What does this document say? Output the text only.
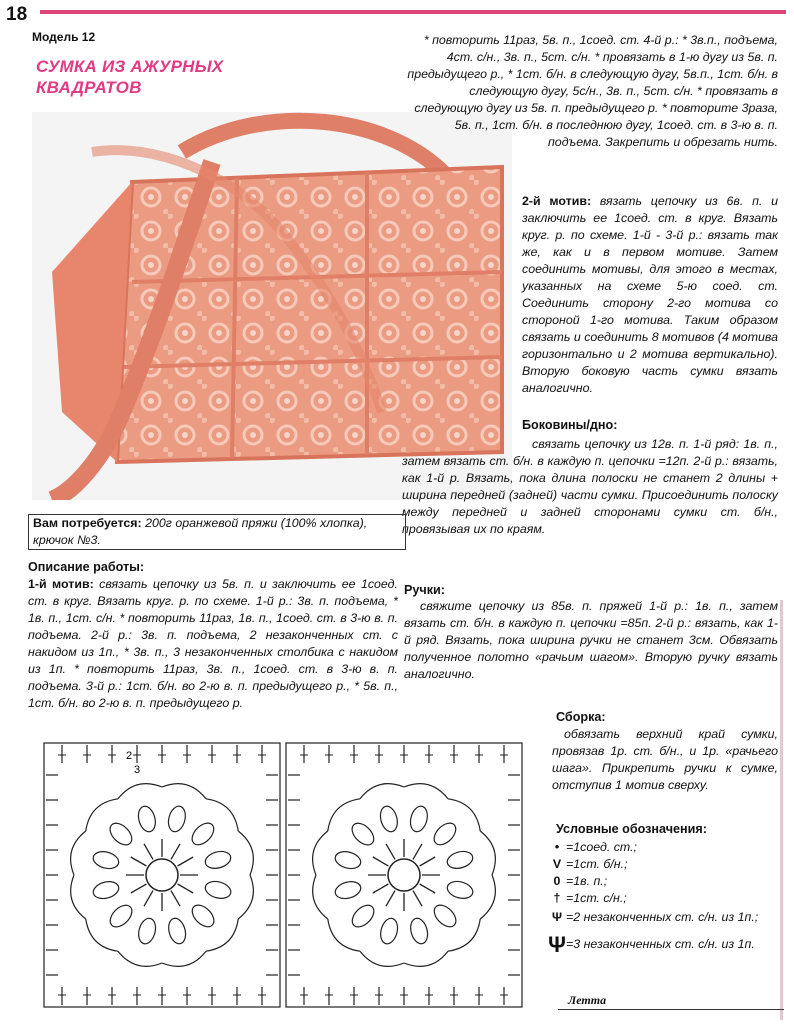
18
Модель 12
СУМКА ИЗ АЖУРНЫХ
КВАДРАТОВ
* повторить 11раз, 5в. п., 1соед. ст. 4-й р.: * 3в.п., подъема, 4ст. с/н., 3в. п., 5ст. с/н. * провязать в 1-ю дугу из 5в. п. предыдущего р., * 1ст. б/н. в следующую дугу, 5в.п., 1ст. б/н. в следующую дугу, 5с/н., 3в. п., 5ст. с/н. * провязать в следующую дугу из 5в. п. предыдущего р. * повторите 3раза, 5в. п., 1ст. б/н. в последнюю дугу, 1соед. ст. в 3-ю в. п. подъема. Закрепить и обрезать нить.
2-й мотив: вязать цепочку из 6в. п. и заключить ее 1соед. ст. в круг. Вязать круг. р. по схеме. 1-й - 3-й р.: вязать так же, как и в первом мотиве. Затем соединить мотивы, для этого в местах, указанных на схеме 5-ю соед. ст. Соединить сторону 2-го мотива со стороной 1-го мотива. Таким образом связать и соединить 8 мотивов (4 мотива горизонтально и 2 мотива вертикально). Вторую боковую часть сумки вязать аналогично.
Боковины/дно:
связать цепочку из 12в. п. 1-й ряд: 1в. п., затем вязать ст. б/н. в каждую п. цепочки =12п. 2-й р.: вязать, как 1-й р. Вязать, пока длина полоски не станет 2 длины + ширина передней (задней) части сумки. Присоединить полоску между передней и задней сторонами сумки ст. б/н., провязывая их по краям.
Вам потребуется: 200г оранжевой пряжи (100% хлопка), крючок №3.
Описание работы:
1-й мотив: связать цепочку из 5в. п. и заключить ее 1соед. ст. в круг. Вязать круг. р. по схеме. 1-й р.: 3в. п. подъема, * 1в. п., 1ст. с/н. * повторить 11раз, 1в. п., 1соед. ст. в 3-ю в. п. подъема. 2-й р.: 3в. п. подъема, 2 незаконченных ст. с накидом из 1п., * 3в. п., 3 незаконченных столбика с накидом из 1п. * повторить 11раз, 3в. п., 1соед. ст. в 3-ю в. п. подъема. 3-й р.: 1ст. б/н. во 2-ю в. п. предыдущего р., * 5в. п., 1ст. б/н. во 2-ю в. п. предыдущего р.
Ручки:
свяжите цепочку из 85в. п. пряжей 1-й р.: 1в. п., затем вязать ст. б/н. в каждую п. цепочки =85п. 2-й р.: вязать, как 1-й ряд. Вязать, пока ширина ручки не станет 3см. Обвязать полученное полотно «рачьим шагом». Вторую ручку вязать аналогично.
Сборка:
обвязать верхний край сумки, провязав 1р. ст. б/н., и 1р. «рачьего шага». Прикрепить ручки к сумке, отступив 1 мотив сверху.
Условные обозначения:
• =1соед. ст.;
V =1ст. б/н.;
0 =1в. п.;
† =1ст. с/н.;
Ψ =2 незаконченных ст. с/н. из 1п.;
Ψ =3 незаконченных ст. с/н. из 1п.
2
3
Летта
